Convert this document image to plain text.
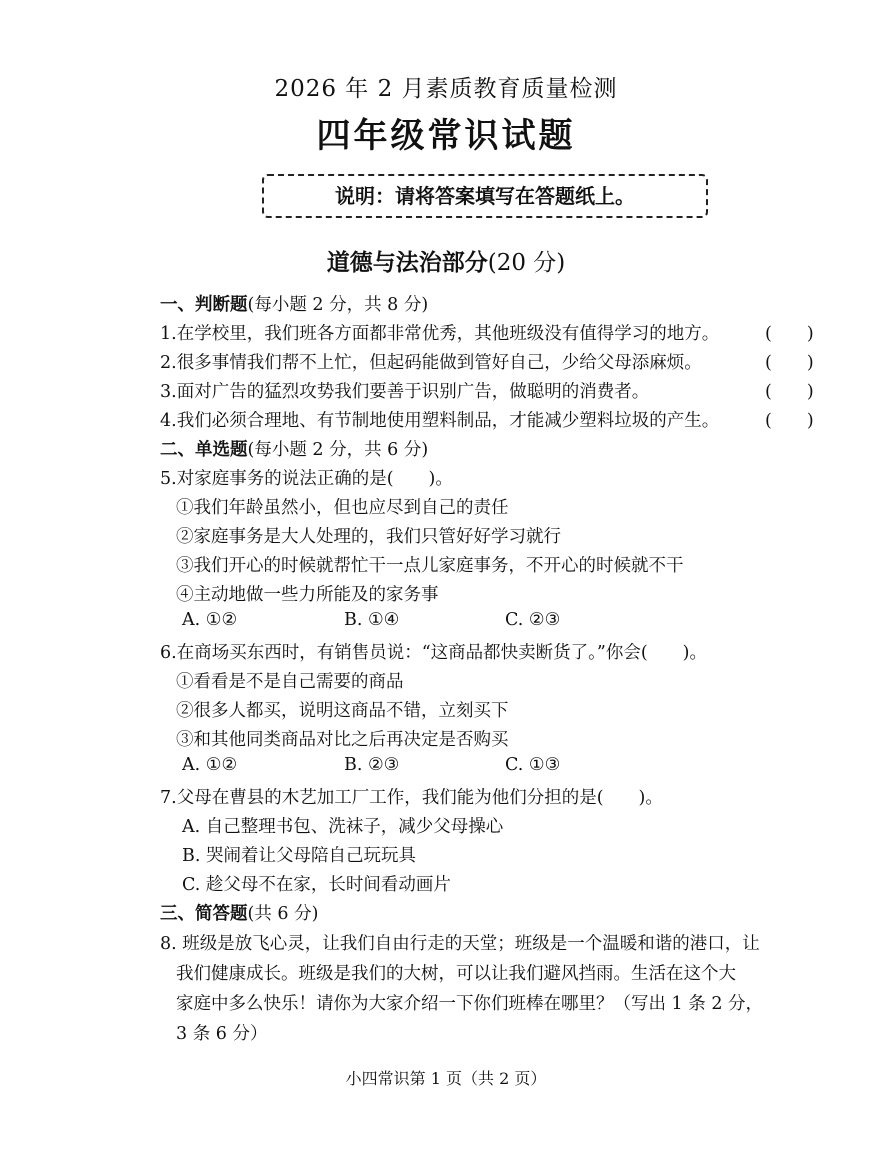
2026 年 2 月素质教育质量检测
四年级常识试题
说明：请将答案填写在答题纸上。
道德与法治部分(20 分)
一、判断题(每小题 2 分，共 8 分)
1.在学校里，我们班各方面都非常优秀，其他班级没有值得学习的地方。	(　　)
2.很多事情我们帮不上忙，但起码能做到管好自己，少给父母添麻烦。	(　　)
3.面对广告的猛烈攻势我们要善于识别广告，做聪明的消费者。	(　　)
4.我们必须合理地、有节制地使用塑料制品，才能减少塑料垃圾的产生。	(　　)
二、单选题(每小题 2 分，共 6 分)
5.对家庭事务的说法正确的是(　　)。
①我们年龄虽然小，但也应尽到自己的责任
②家庭事务是大人处理的，我们只管好好学习就行
③我们开心的时候就帮忙干一点儿家庭事务，不开心的时候就不干
④主动地做一些力所能及的家务事
A. ①②	B. ①④	C. ②③
6.在商场买东西时，有销售员说：“这商品都快卖断货了。”你会(　　)。
①看看是不是自己需要的商品
②很多人都买，说明这商品不错，立刻买下
③和其他同类商品对比之后再决定是否购买
A. ①②	B. ②③	C. ①③
7.父母在曹县的木艺加工厂工作，我们能为他们分担的是(　　)。
A. 自己整理书包、洗袜子，减少父母操心
B. 哭闹着让父母陪自己玩玩具
C. 趁父母不在家，长时间看动画片
三、简答题(共 6 分)
8. 班级是放飞心灵，让我们自由行走的天堂；班级是一个温暖和谐的港口，让
我们健康成长。班级是我们的大树，可以让我们避风挡雨。生活在这个大
家庭中多么快乐！请你为大家介绍一下你们班棒在哪里？（写出 1 条 2 分，
3 条 6 分）
小四常识第 1 页（共 2 页）
